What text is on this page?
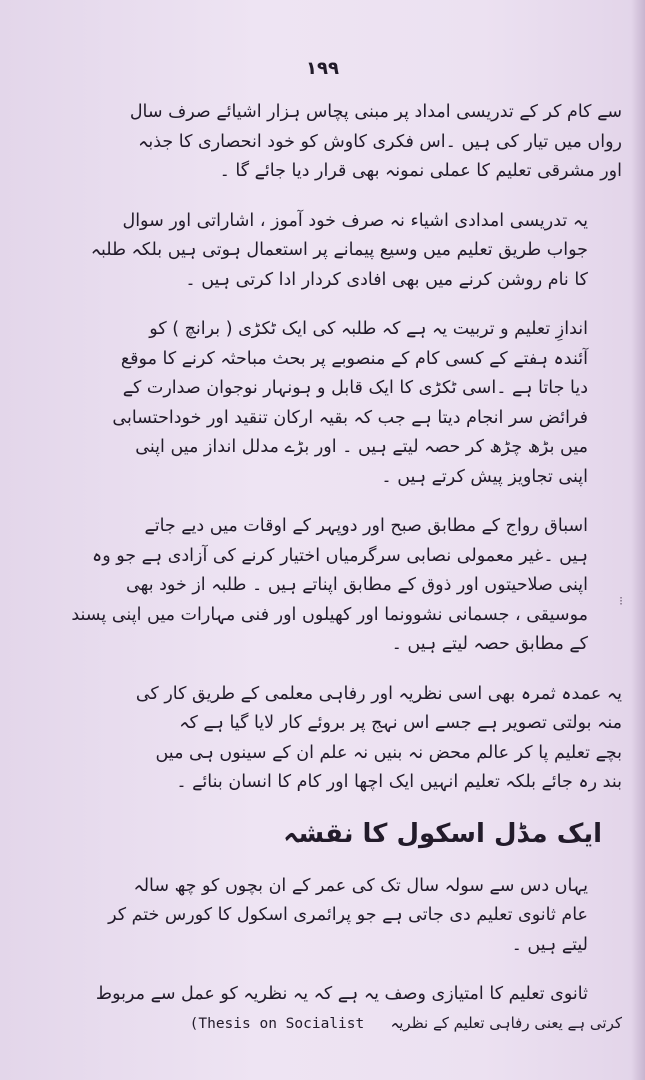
⁝
۱۹۹

سے کام کر کے تدریسی امداد پر مبنی پچاس ہزار اشیائے صرف سال
رواں میں تیار کی ہیں ۔اس فکری کاوش کو خود انحصاری کا جذبہ
اور مشرقی تعلیم کا عملی نمونہ بھی قرار دیا جائے گا ۔

یہ تدریسی امدادی اشیاء نہ صرف خود آموز ، اشاراتی اور سوال
جواب طریق تعلیم میں وسیع پیمانے پر استعمال ہوتی ہیں بلکہ طلبہ
کا نام روشن کرنے میں بھی افادی کردار ادا کرتی ہیں ۔

اندازِ تعلیم و تربیت یہ ہے کہ طلبہ کی ایک ٹکڑی ( برانچ ) کو
آئندہ ہفتے کے کسی کام کے منصوبے پر بحث مباحثہ کرنے کا موقع
دیا جاتا ہے ۔اسی ٹکڑی کا ایک قابل و ہونہار نوجوان صدارت کے
فرائض سر انجام دیتا ہے جب کہ بقیہ ارکان تنقید اور خوداحتسابی
میں بڑھ چڑھ کر حصہ لیتے ہیں ۔ اور بڑے مدلل انداز میں اپنی
اپنی تجاویز پیش کرتے ہیں ۔

اسباق رواج کے مطابق صبح اور دوپہر کے اوقات میں دیے جاتے
ہیں ۔غیر معمولی نصابی سرگرمیاں اختیار کرنے کی آزادی ہے جو وہ
اپنی صلاحیتوں اور ذوق کے مطابق اپناتے ہیں ۔ طلبہ از خود بھی
موسیقی ، جسمانی نشوونما اور کھیلوں اور فنی مہارات میں اپنی پسند
کے مطابق حصہ لیتے ہیں ۔

یہ عمدہ ثمرہ بھی اسی نظریہ اور رفاہی معلمی کے طریق کار کی
منہ بولتی تصویر ہے جسے اس نہج پر بروئے کار لایا گیا ہے کہ
بچے تعلیم پا کر عالم محض نہ بنیں نہ علم ان کے سینوں ہی میں
بند رہ جائے بلکہ تعلیم انہیں ایک اچھا اور کام کا انسان بنائے ۔

ایک مڈل اسکول کا نقشہ

یہاں دس سے سولہ سال تک کی عمر کے ان بچوں کو چھ سالہ
عام ثانوی تعلیم دی جاتی ہے جو پرائمری اسکول کا کورس ختم کر
لیتے ہیں ۔

ثانوی تعلیم کا امتیازی وصف یہ ہے کہ یہ نظریہ کو عمل سے مربوط

کرتی ہے یعنی رفاہی تعلیم کے نظریہ   (Thesis on Socialist
